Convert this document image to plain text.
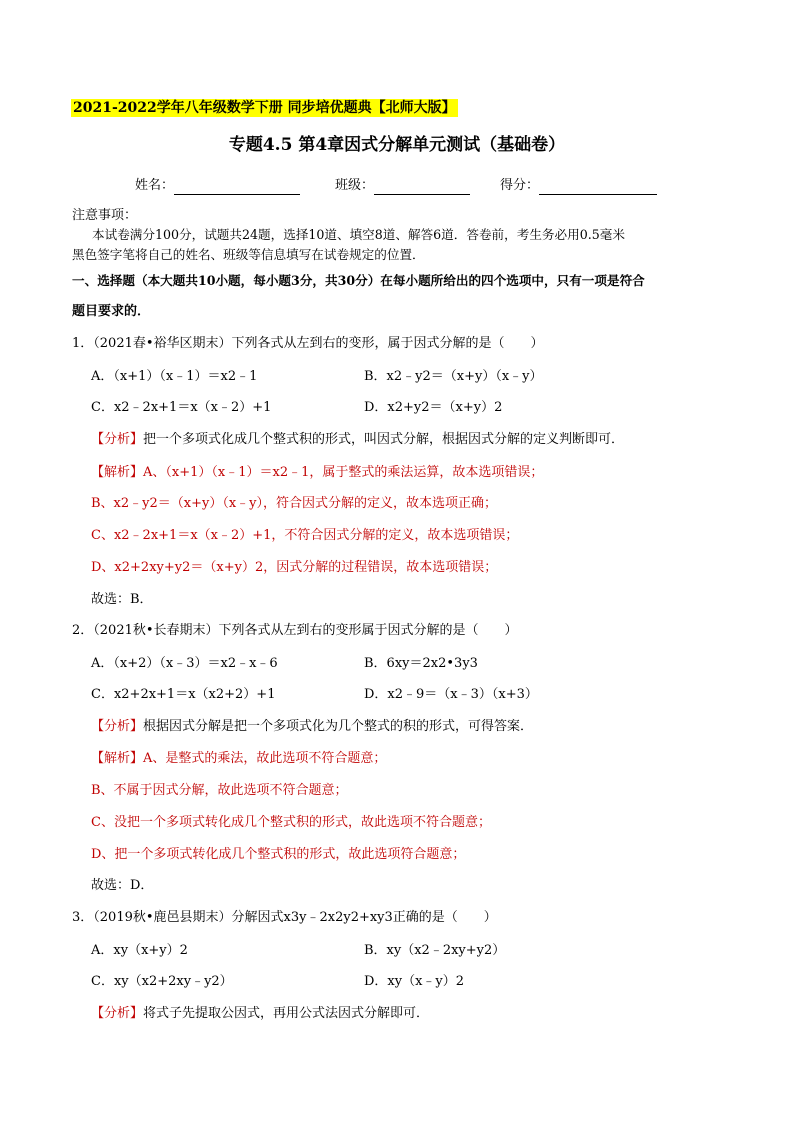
2021-2022学年八年级数学下册 同步培优题典【北师大版】
专题4.5 第4章因式分解单元测试（基础卷）
姓名：	班级：	得分：
注意事项：
本试卷满分100分，试题共24题，选择10道、填空8道、解答6道．答卷前，考生务必用0.5毫米
黑色签字笔将自己的姓名、班级等信息填写在试卷规定的位置．
一、选择题（本大题共10小题，每小题3分，共30分）在每小题所给出的四个选项中，只有一项是符合
题目要求的．
1．（2021春•裕华区期末）下列各式从左到右的变形，属于因式分解的是（　　）
A．（x+1）（x﹣1）＝x2﹣1	B．x2﹣y2＝（x+y）（x﹣y）
C．x2﹣2x+1＝x（x﹣2）+1	D．x2+y2＝（x+y）2
【分析】把一个多项式化成几个整式积的形式，叫因式分解，根据因式分解的定义判断即可．
【解析】A、（x+1）（x﹣1）＝x2﹣1，属于整式的乘法运算，故本选项错误；
B、x2﹣y2＝（x+y）（x﹣y），符合因式分解的定义，故本选项正确；
C、x2﹣2x+1＝x（x﹣2）+1，不符合因式分解的定义，故本选项错误；
D、x2+2xy+y2＝（x+y）2，因式分解的过程错误，故本选项错误；
故选：B．
2．（2021秋•长春期末）下列各式从左到右的变形属于因式分解的是（　　）
A．（x+2）（x﹣3）＝x2﹣x﹣6	B．6xy＝2x2•3y3
C．x2+2x+1＝x（x2+2）+1	D．x2﹣9＝（x﹣3）（x+3）
【分析】根据因式分解是把一个多项式化为几个整式的积的形式，可得答案．
【解析】A、是整式的乘法，故此选项不符合题意；
B、不属于因式分解，故此选项不符合题意；
C、没把一个多项式转化成几个整式积的形式，故此选项不符合题意；
D、把一个多项式转化成几个整式积的形式，故此选项符合题意；
故选：D．
3．（2019秋•鹿邑县期末）分解因式x3y﹣2x2y2+xy3正确的是（　　）
A．xy（x+y）2	B．xy（x2﹣2xy+y2）
C．xy（x2+2xy﹣y2）	D．xy（x﹣y）2
【分析】将式子先提取公因式，再用公式法因式分解即可．
